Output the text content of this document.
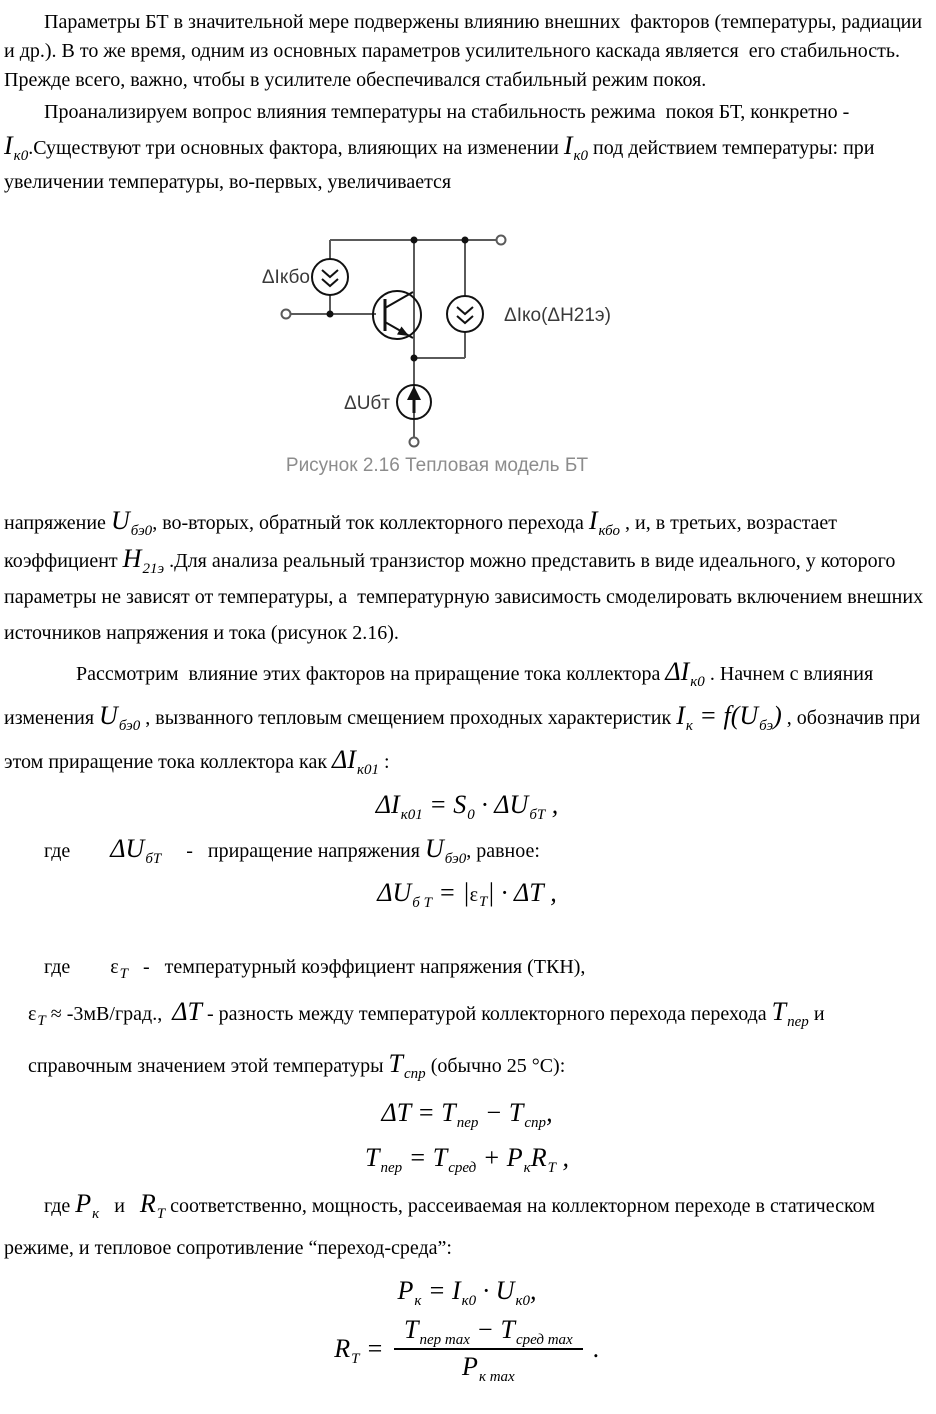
Параметры БТ в значительной мере подвержены влиянию внешних  факторов (температуры, радиации и др.). В то же время, одним из основных параметров усилительного каскада является  его стабильность. Прежде всего, важно, чтобы в усилителе обеспечивался стабильный режим покоя.
Проанализируем вопрос влияния температуры на стабильность режима  покоя БТ, конкретно - $I_{к0}.Существуют$ три основных фактора, влияющих на изменении $I_{к0}$ под действием температуры: при увеличении температуры, во-первых, увеличивается
ΔIкбо
ΔIко(ΔH21э)
ΔUбт
Рисунок 2.16 Тепловая модель БТ
напряжение $U_{бэ0}$, во-вторых, обратный ток коллекторного перехода $I_{кбо}$ , и, в третьих, возрастает коэффициент $H_{21э}$ .Для анализа реальный транзистор можно представить в виде идеального, у которого параметры не зависят от температуры, а  температурную зависимость смоделировать включением внешних источников напряжения и тока (рисунок 2.16).
Рассмотрим  влияние этих факторов на приращение тока коллектора $\Delta I_{к0}$ . Начнем с влияния изменения $U_{бэ0}$ , вызванного тепловым смещением проходных характеристик $I_к = f(U_{бэ})$ , обозначив при этом приращение тока коллектора как $\Delta I_{к01}$ :
$\Delta I_{к01} = S_0 \cdot \Delta U_{бТ}$ ,
где        $\Delta U_{бТ}$     -   приращение напряжения $U_{бэ0}$, равное:
$\Delta U_{б Т} = |\varepsilon_Т| \cdot \Delta Т$ ,
где        $\varepsilon_Т$   -   температурный коэффициент напряжения (ТКН),
$\varepsilon_Т$ ≈ -3мВ/град.,  ΔТ - разность между температурой коллекторного перехода перехода $T_{пер}$ и справочным значением этой температуры $T_{спр}$ (обычно 25 °С):
$\Delta T = T_{пер} - T_{спр}$,
$T_{пер} = T_{сред} + P_кR_Т$ ,
где $P_к$   и   $R_Т$ соответственно, мощность, рассеиваемая на коллекторном переходе в статическом режиме, и тепловое сопротивление “переход-среда”:
$P_к = I_{к0} \cdot U_{к0}$,
$R_Т = \frac{T_{пер max} - T_{сред max}}{P_{к max}}$ .
